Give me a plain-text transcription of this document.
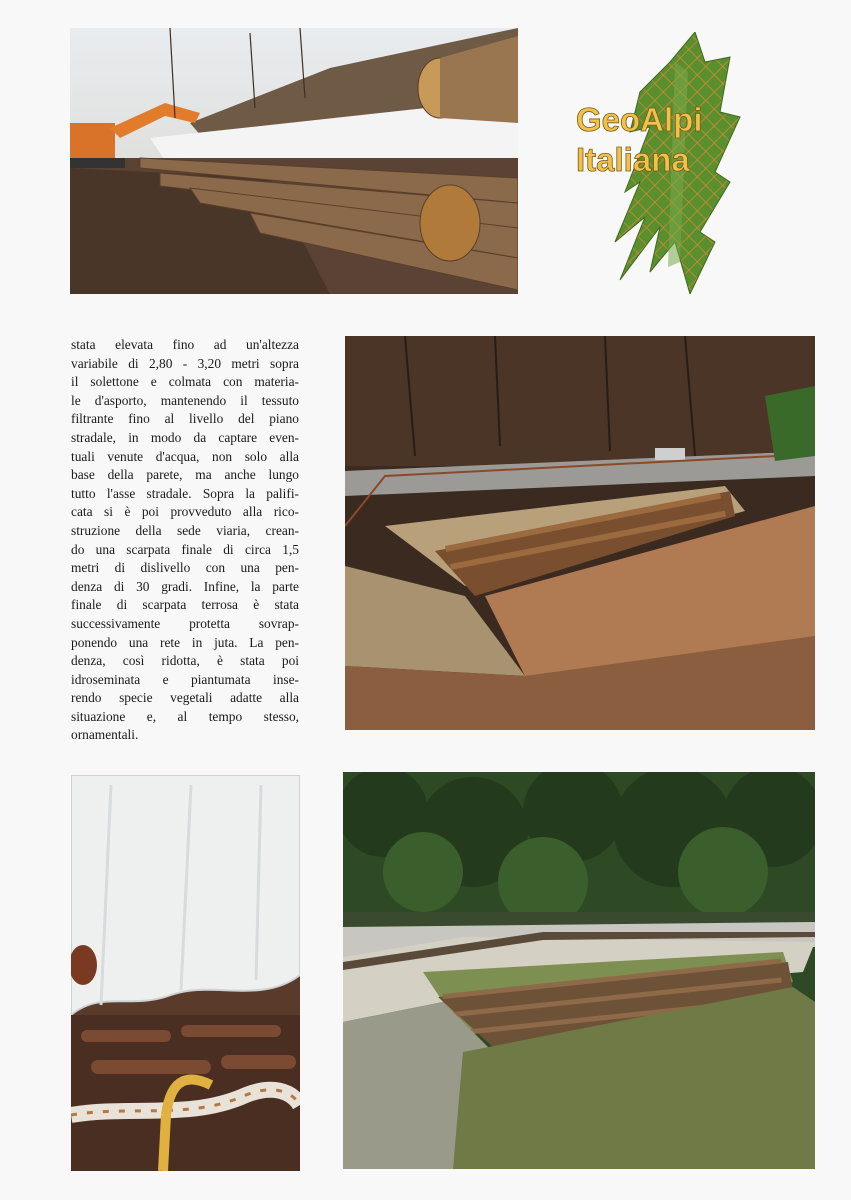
GeoAlpi
Italiana
stata elevata fino ad un'altezza
variabile di 2,80 - 3,20 metri sopra
il solettone e colmata con materia-
le d'asporto, mantenendo il tessuto
filtrante fino al livello del piano
stradale, in modo da captare even-
tuali venute d'acqua, non solo alla
base della parete, ma anche lungo
tutto l'asse stradale. Sopra la palifi-
cata si è poi provveduto alla rico-
struzione della sede viaria, crean-
do una scarpata finale di circa 1,5
metri di dislivello con una pen-
denza di 30 gradi. Infine, la parte
finale di scarpata terrosa è stata
successivamente protetta sovrap-
ponendo una rete in juta. La pen-
denza, così ridotta, è stata poi
idroseminata e piantumata inse-
rendo specie vegetali adatte alla
situazione e, al tempo stesso,
ornamentali.
